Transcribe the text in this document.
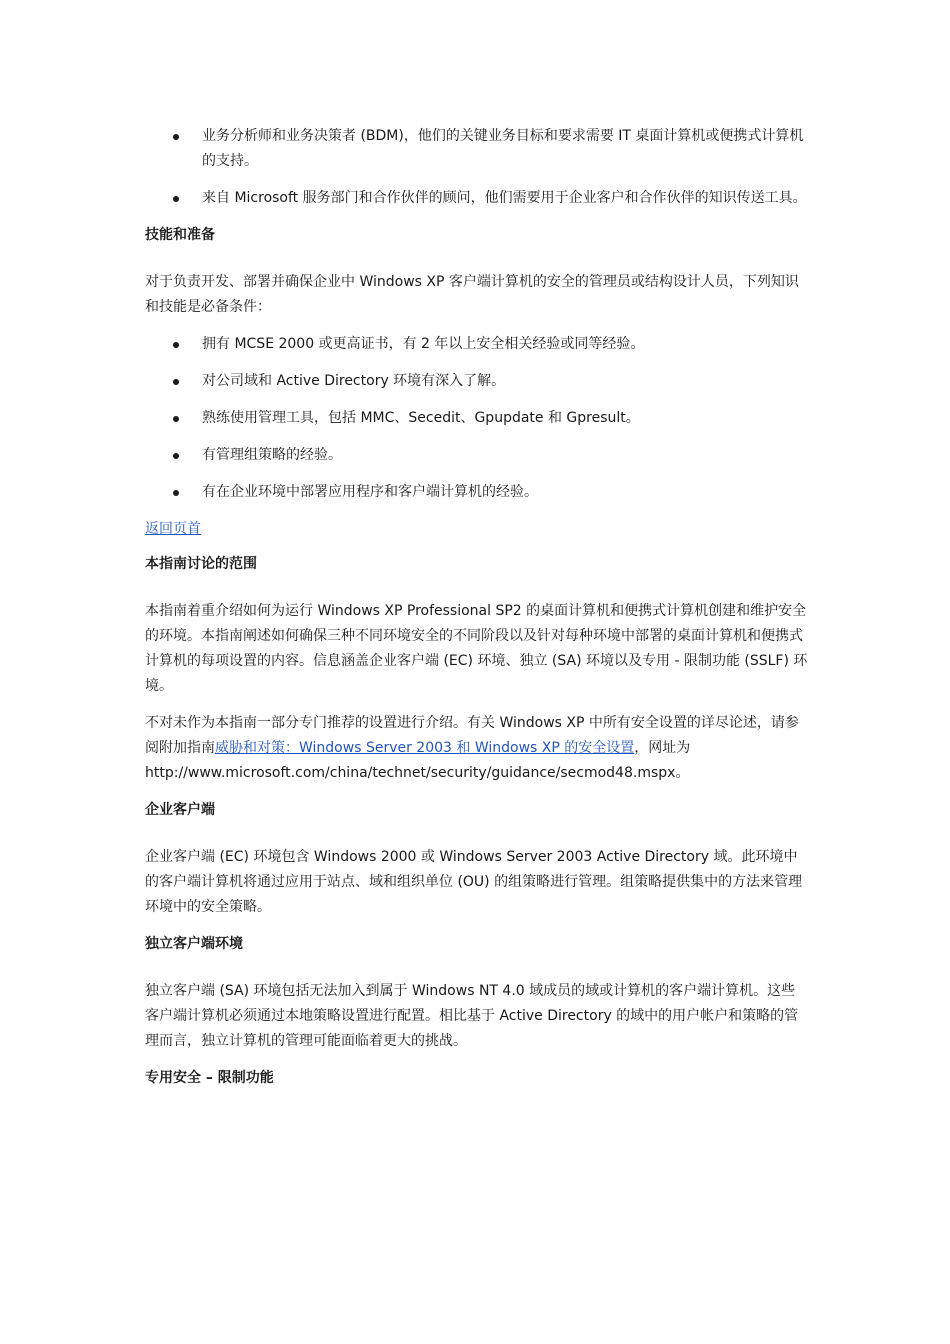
业务分析师和业务决策者 (BDM)，他们的关键业务目标和要求需要 IT 桌面计算机或便携式计算机的支持。
来自 Microsoft 服务部门和合作伙伴的顾问，他们需要用于企业客户和合作伙伴的知识传送工具。
技能和准备

对于负责开发、部署并确保企业中 Windows XP 客户端计算机的安全的管理员或结构设计人员，下列知识和技能是必备条件：

拥有 MCSE 2000 或更高证书，有 2 年以上安全相关经验或同等经验。
对公司域和 Active Directory 环境有深入了解。
熟练使用管理工具，包括 MMC、Secedit、Gpupdate 和 Gpresult。
有管理组策略的经验。
有在企业环境中部署应用程序和客户端计算机的经验。
返回页首
本指南讨论的范围

本指南着重介绍如何为运行 Windows XP Professional SP2 的桌面计算机和便携式计算机创建和维护安全的环境。本指南阐述如何确保三种不同环境安全的不同阶段以及针对每种环境中部署的桌面计算机和便携式计算机的每项设置的内容。信息涵盖企业客户端 (EC) 环境、独立 (SA) 环境以及专用 - 限制功能 (SSLF) 环境。

不对未作为本指南一部分专门推荐的设置进行介绍。有关 Windows XP 中所有安全设置的详尽论述，请参阅附加指南威胁和对策：Windows Server 2003 和 Windows XP 的安全设置，网址为
http://www.microsoft.com/china/technet/security/guidance/secmod48.mspx。

企业客户端

企业客户端 (EC) 环境包含 Windows 2000 或 Windows Server 2003 Active Directory 域。此环境中的客户端计算机将通过应用于站点、域和组织单位 (OU) 的组策略进行管理。组策略提供集中的方法来管理环境中的安全策略。

独立客户端环境

独立客户端 (SA) 环境包括无法加入到属于 Windows NT 4.0 域成员的域或计算机的客户端计算机。这些客户端计算机必须通过本地策略设置进行配置。相比基于 Active Directory 的域中的用户帐户和策略的管理而言，独立计算机的管理可能面临着更大的挑战。

专用安全 – 限制功能
